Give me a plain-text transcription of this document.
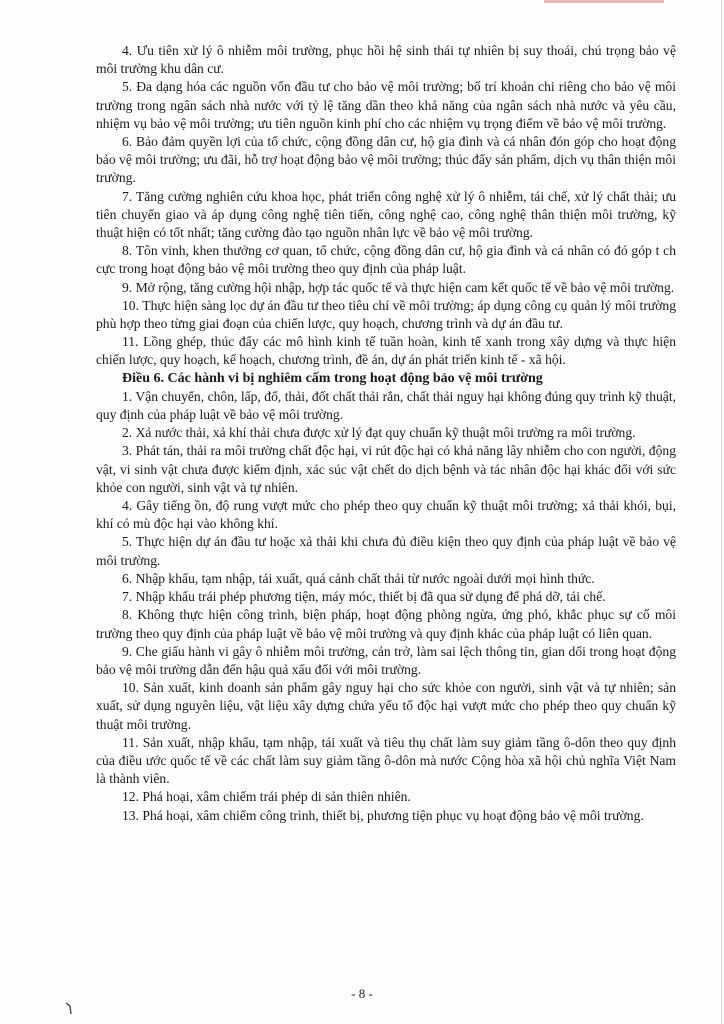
4. Ưu tiên xử lý ô nhiễm môi trường, phục hồi hệ sinh thái tự nhiên bị suy thoái, chú trọng bảo vệ môi trường khu dân cư.

5. Đa dạng hóa các nguồn vốn đầu tư cho bảo vệ môi trường; bố trí khoản chi riêng cho bảo vệ môi trường trong ngân sách nhà nước với tỷ lệ tăng dần theo khả năng của ngân sách nhà nước và yêu cầu, nhiệm vụ bảo vệ môi trường; ưu tiên nguồn kinh phí cho các nhiệm vụ trọng điểm về bảo vệ môi trường.

6. Bảo đảm quyền lợi của tổ chức, cộng đồng dân cư, hộ gia đình và cá nhân đón góp cho hoạt động bảo vệ môi trường; ưu đãi, hỗ trợ hoạt động bảo vệ môi trường; thúc đẩy sản phẩm, dịch vụ thân thiện môi trường.

7. Tăng cường nghiên cứu khoa học, phát triển công nghệ xử lý ô nhiễm, tái chế, xử lý chất thải; ưu tiên chuyển giao và áp dụng công nghệ tiên tiến, công nghệ cao, công nghệ thân thiện môi trường, kỹ thuật hiện có tốt nhất; tăng cường đào tạo nguồn nhân lực về bảo vệ môi trường.

8. Tôn vinh, khen thưởng cơ quan, tổ chức, cộng đồng dân cư, hộ gia đình và cá nhân có đó góp t ch cực trong hoạt động bảo vệ môi trường theo quy định của pháp luật.

9. Mở rộng, tăng cường hội nhập, hợp tác quốc tế và thực hiện cam kết quốc tế về bảo vệ môi trường.

10. Thực hiện sàng lọc dự án đầu tư theo tiêu chí về môi trường; áp dụng công cụ quản lý môi trường phù hợp theo từng giai đoạn của chiến lược, quy hoạch, chương trình và dự án đầu tư.

11. Lồng ghép, thúc đẩy các mô hình kinh tế tuần hoàn, kinh tế xanh trong xây dựng và thực hiện chiến lược, quy hoạch, kế hoạch, chương trình, đề án, dự án phát triển kinh tế - xã hội.

Điều 6. Các hành vi bị nghiêm cấm trong hoạt động bảo vệ môi trường

1. Vận chuyển, chôn, lấp, đổ, thải, đốt chất thải rắn, chất thải nguy hại không đúng quy trình kỹ thuật, quy định của pháp luật về bảo vệ môi trường.

2. Xả nước thải, xả khí thải chưa được xử lý đạt quy chuẩn kỹ thuật môi trường ra môi trường.

3. Phát tán, thải ra môi trường chất độc hại, vi rút độc hại có khả năng lây nhiễm cho con người, động vật, vi sinh vật chưa được kiểm định, xác súc vật chết do dịch bệnh và tác nhân độc hại khác đối với sức khỏe con người, sinh vật và tự nhiên.

4. Gây tiếng ồn, độ rung vượt mức cho phép theo quy chuẩn kỹ thuật môi trường; xả thải khói, bụi, khí có mù độc hại vào không khí.

5. Thực hiện dự án đầu tư hoặc xả thải khi chưa đủ điều kiện theo quy định của pháp luật về bảo vệ môi trường.

6. Nhập khẩu, tạm nhập, tái xuất, quá cảnh chất thải từ nước ngoài dưới mọi hình thức.

7. Nhập khẩu trái phép phương tiện, máy móc, thiết bị đã qua sử dụng để phá dỡ, tái chế.

8. Không thực hiện công trình, biện pháp, hoạt động phòng ngừa, ứng phó, khắc phục sự cố môi trường theo quy định của pháp luật về bảo vệ môi trường và quy định khác của pháp luật có liên quan.

9. Che giấu hành vi gây ô nhiễm môi trường, cản trở, làm sai lệch thông tin, gian dối trong hoạt động bảo vệ môi trường dẫn đến hậu quả xấu đối với môi trường.

10. Sản xuất, kinh doanh sản phẩm gây nguy hại cho sức khỏe con người, sinh vật và tự nhiên; sản xuất, sử dụng nguyên liệu, vật liệu xây dựng chứa yếu tố độc hại vượt mức cho phép theo quy chuẩn kỹ thuật môi trường.

11. Sản xuất, nhập khẩu, tạm nhập, tái xuất và tiêu thụ chất làm suy giảm tầng ô-dôn theo quy định của điều ước quốc tế về các chất làm suy giảm tầng ô-dôn mà nước Cộng hòa xã hội chủ nghĩa Việt Nam là thành viên.

12. Phá hoại, xâm chiếm trái phép di sản thiên nhiên.

13. Phá hoại, xâm chiếm công trình, thiết bị, phương tiện phục vụ hoạt động bảo vệ môi trường.

- 8 -
